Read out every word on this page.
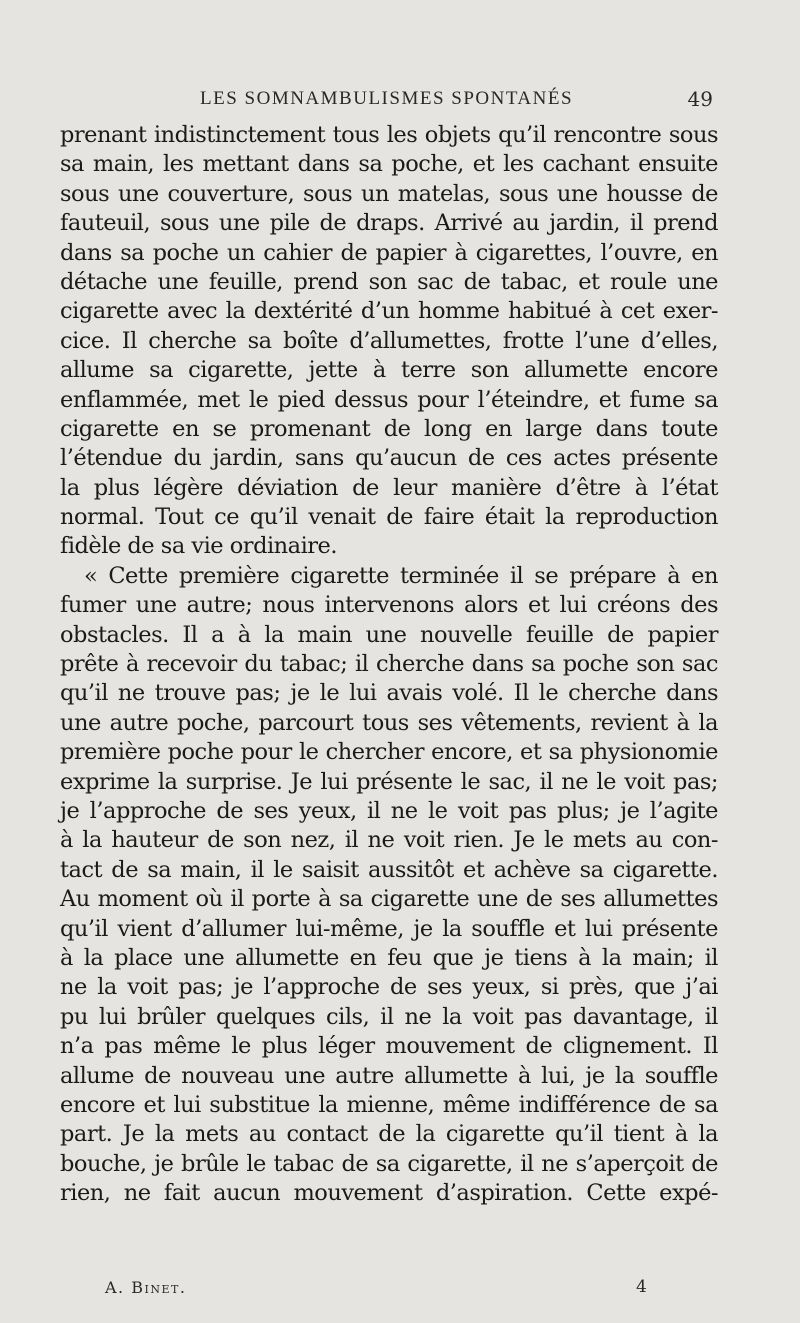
LES SOMNAMBULISMES SPONTANÉS	49
prenant indistinctement tous les objets qu’il rencontre sous
sa main, les mettant dans sa poche, et les cachant ensuite
sous une couverture, sous un matelas, sous une housse de
fauteuil, sous une pile de draps. Arrivé au jardin, il prend
dans sa poche un cahier de papier à cigarettes, l’ouvre, en
détache une feuille, prend son sac de tabac, et roule une
cigarette avec la dextérité d’un homme habitué à cet exer-
cice. Il cherche sa boîte d’allumettes, frotte l’une d’elles,
allume sa cigarette, jette à terre son allumette encore
enflammée, met le pied dessus pour l’éteindre, et fume sa
cigarette en se promenant de long en large dans toute
l’étendue du jardin, sans qu’aucun de ces actes présente
la plus légère déviation de leur manière d’être à l’état
normal. Tout ce qu’il venait de faire était la reproduction
fidèle de sa vie ordinaire.
« Cette première cigarette terminée il se prépare à en
fumer une autre; nous intervenons alors et lui créons des
obstacles. Il a à la main une nouvelle feuille de papier
prête à recevoir du tabac; il cherche dans sa poche son sac
qu’il ne trouve pas; je le lui avais volé. Il le cherche dans
une autre poche, parcourt tous ses vêtements, revient à la
première poche pour le chercher encore, et sa physionomie
exprime la surprise. Je lui présente le sac, il ne le voit pas;
je l’approche de ses yeux, il ne le voit pas plus; je l’agite
à la hauteur de son nez, il ne voit rien. Je le mets au con-
tact de sa main, il le saisit aussitôt et achève sa cigarette.
Au moment où il porte à sa cigarette une de ses allumettes
qu’il vient d’allumer lui-même, je la souffle et lui présente
à la place une allumette en feu que je tiens à la main; il
ne la voit pas; je l’approche de ses yeux, si près, que j’ai
pu lui brûler quelques cils, il ne la voit pas davantage, il
n’a pas même le plus léger mouvement de clignement. Il
allume de nouveau une autre allumette à lui, je la souffle
encore et lui substitue la mienne, même indifférence de sa
part. Je la mets au contact de la cigarette qu’il tient à la
bouche, je brûle le tabac de sa cigarette, il ne s’aperçoit de
rien, ne fait aucun mouvement d’aspiration. Cette expé-
A. Binet.	4
